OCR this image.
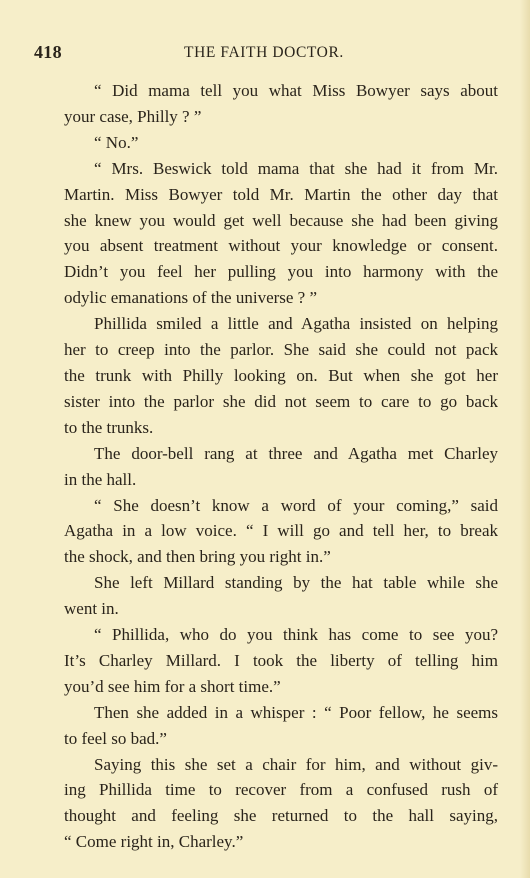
418	THE FAITH DOCTOR.
“ Did mama tell you what Miss Bowyer says about
your case, Philly ? ”
“ No.”
“ Mrs. Beswick told mama that she had it from Mr.
Martin. Miss Bowyer told Mr. Martin the other day that
she knew you would get well because she had been giving
you absent treatment without your knowledge or consent.
Didn’t you feel her pulling you into harmony with the
odylic emanations of the universe ? ”
Phillida smiled a little and Agatha insisted on helping
her to creep into the parlor. She said she could not pack
the trunk with Philly looking on. But when she got her
sister into the parlor she did not seem to care to go back
to the trunks.
The door-bell rang at three and Agatha met Charley
in the hall.
“ She doesn’t know a word of your coming,” said
Agatha in a low voice. “ I will go and tell her, to break
the shock, and then bring you right in.”
She left Millard standing by the hat table while she
went in.
“ Phillida, who do you think has come to see you?
It’s Charley Millard. I took the liberty of telling him
you’d see him for a short time.”
Then she added in a whisper : “ Poor fellow, he seems
to feel so bad.”
Saying this she set a chair for him, and without giv-
ing Phillida time to recover from a confused rush of
thought and feeling she returned to the hall saying,
“ Come right in, Charley.”
